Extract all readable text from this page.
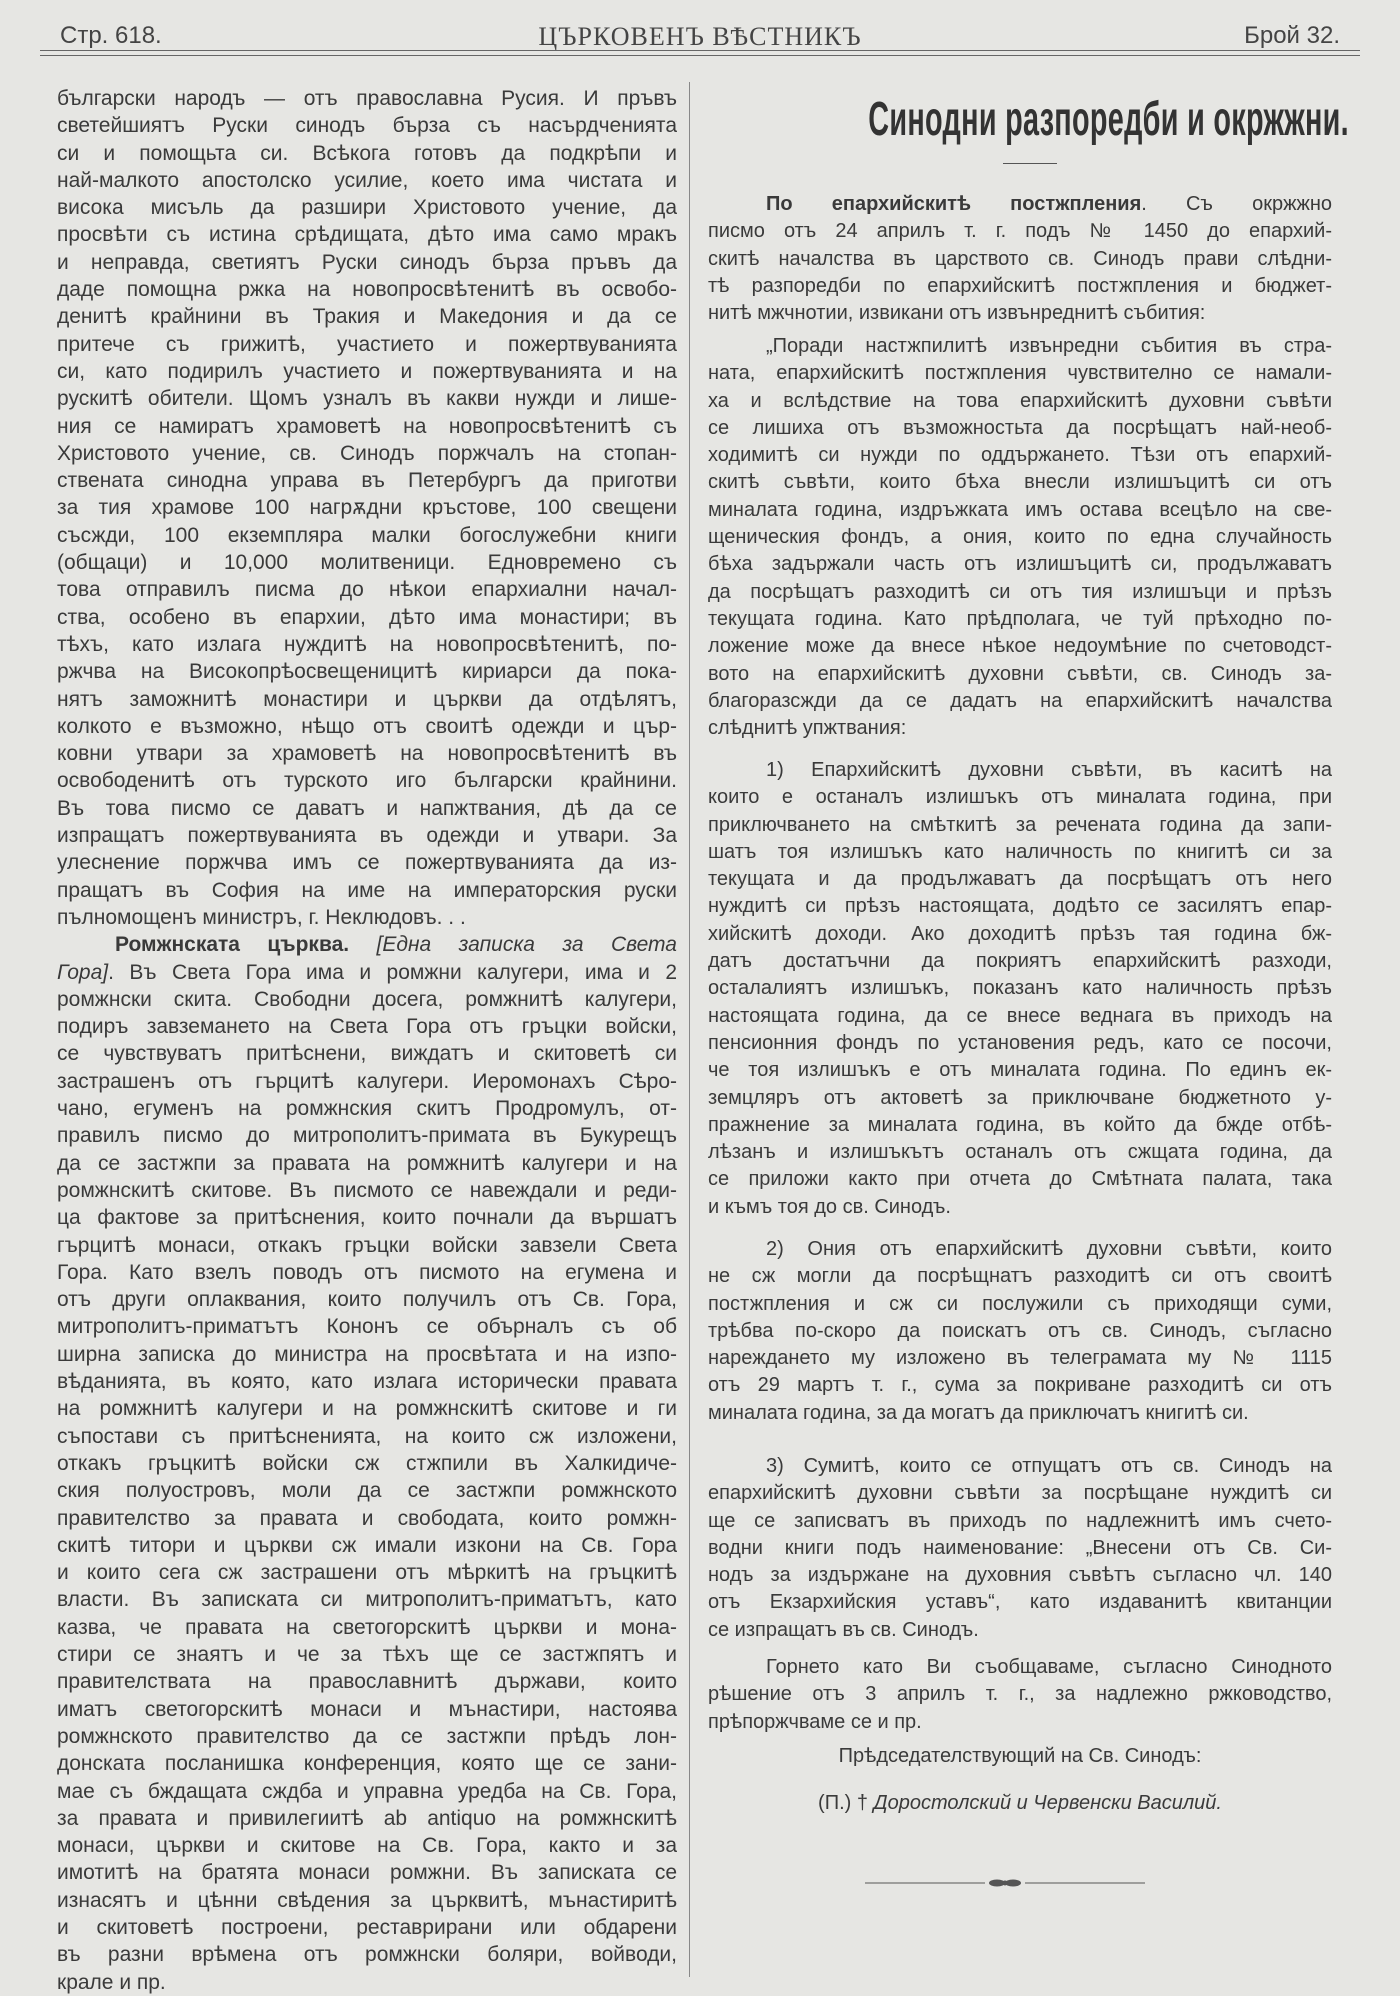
ЦЪРКОВЕНЪ ВѢСТНИКЪ
Стр. 618.	Брой 32.
български народъ — отъ православна Русия. И пръвъ
светейшиятъ Руски синодъ бърза съ насърдченията
си и помощьта си. Всѣкога готовъ да подкрѣпи и
най-малкото апостолско усилие, което има чистата и
висока мисъль да разшири Христовото учение, да
просвѣти съ истина срѣдищата, дѣто има само мракъ
и неправда, светиятъ Руски синодъ бърза пръвъ да
даде помощна ржка на новопросвѣтенитѣ въ освобо-
денитѣ крайнини въ Тракия и Македония и да се
притече съ грижитѣ, участието и пожертвуванията
си, като подирилъ участието и пожертвуванията и на
рускитѣ обители. Щомъ узналъ въ какви нужди и лише-
ния се намиратъ храмоветѣ на новопросвѣтенитѣ съ
Христовото учение, св. Синодъ поржчалъ на стопан-
ствената синодна управа въ Петербургъ да приготви
за тия храмове 100 нагрѫдни кръстове, 100 свещени
съсжди, 100 екземпляра малки богослужебни книги
(общаци) и 10,000 молитвеници. Едновремено съ
това отправилъ писма до нѣкои епархиални начал-
ства, особено въ епархии, дѣто има монастири; въ
тѣхъ, като излага нуждитѣ на новопросвѣтенитѣ, по-
ржчва на Високопрѣосвещеницитѣ кириарси да пока-
нятъ заможнитѣ монастири и църкви да отдѣлятъ,
колкото е възможно, нѣщо отъ своитѣ одежди и цър-
ковни утвари за храмоветѣ на новопросвѣтенитѣ въ
освободенитѣ отъ турското иго български крайнини.
Въ това писмо се даватъ и напжтвания, дѣ да се
изпращатъ пожертвуванията въ одежди и утвари. За
улеснение поржчва имъ се пожертвуванията да из-
пращатъ въ София на име на императорския руски
пълномощенъ министръ, г. Неклюдовъ. . .
Ромжнската църква. [Една записка за Света
Гора]. Въ Света Гора има и ромжни калугери, има и 2
ромжнски скита. Свободни досега, ромжнитѣ калугери,
подиръ завземането на Света Гора отъ гръцки войски,
се чувствуватъ притѣснени, виждатъ и скитоветѣ си
застрашенъ отъ гърцитѣ калугери. Иеромонахъ Сѣро-
чано, егуменъ на ромжнския скитъ Продромулъ, от-
правилъ писмо до митрополитъ-примата въ Букурещъ
да се застжпи за правата на ромжнитѣ калугери и на
ромжнскитѣ скитове. Въ писмото се навеждали и реди-
ца фактове за притѣснения, които почнали да вършатъ
гърцитѣ монаси, откакъ гръцки войски завзели Света
Гора. Като взелъ поводъ отъ писмото на егумена и
отъ други оплаквания, които получилъ отъ Св. Гора,
митрополитъ-приматътъ Кононъ се обърналъ съ об
ширна записка до министра на просвѣтата и на изпо-
вѣданията, въ която, като излага исторически правата
на ромжнитѣ калугери и на ромжнскитѣ скитове и ги
съпостави съ притѣсненията, на които сж изложени,
откакъ гръцкитѣ войски сж стжпили въ Халкидиче-
ския полуостровъ, моли да се застжпи ромжнското
правителство за правата и свободата, които ромжн-
скитѣ титори и църкви сж имали изкони на Св. Гора
и които сега сж застрашени отъ мѣркитѣ на гръцкитѣ
власти. Въ записката си митрополитъ-приматътъ, като
казва, че правата на светогорскитѣ църкви и мона-
стири се знаятъ и че за тѣхъ ще се застжпятъ и
правителствата на православнитѣ държави, които
иматъ светогорскитѣ монаси и мънастири, настоява
ромжнското правителство да се застжпи прѣдъ лон-
донската посланишка конференция, която ще се зани-
мае съ бждащата сждба и управна уредба на Св. Гора,
за правата и привилегиитѣ ab antiquo на ромжнскитѣ
монаси, църкви и скитове на Св. Гора, както и за
имотитѣ на братята монаси ромжни. Въ записката се
изнасятъ и цѣнни свѣдения за църквитѣ, мънастиритѣ
и скитоветѣ построени, реставрирани или обдарени
въ разни врѣмена отъ ромжнски боляри, войводи,
крале и пр.
Синодни разпоредби и окржжни.
По епархийскитѣ постжпления. Съ окржжно
писмо отъ 24 априлъ т. г. подъ № 1450 до епархий-
скитѣ началства въ царството св. Синодъ прави слѣдни-
тѣ разпоредби по епархийскитѣ постжпления и бюджет-
нитѣ мжчнотии, извикани отъ извънреднитѣ събития:
„Поради настжпилитѣ извънредни събития въ стра-
ната, епархийскитѣ постжпления чувствително се намали-
ха и вслѣдствие на това епархийскитѣ духовни съвѣти
се лишиха отъ възможностьта да посрѣщатъ най-необ-
ходимитѣ си нужди по оддържането. Тѣзи отъ епархий-
скитѣ съвѣти, които бѣха внесли излишъцитѣ си отъ
миналата година, издръжката имъ остава всецѣло на све-
щеническия фондъ, а ония, които по една случайность
бѣха задържали часть отъ излишъцитѣ си, продължаватъ
да посрѣщатъ разходитѣ си отъ тия излишъци и прѣзъ
текущата година. Като прѣдполага, че туй прѣходно по-
ложение може да внесе нѣкое недоумѣние по счетоводст-
вото на епархийскитѣ духовни съвѣти, св. Синодъ за-
благоразсжди да се дадатъ на епархийскитѣ началства
слѣднитѣ упжтвания:
1) Епархийскитѣ духовни съвѣти, въ каситѣ на
които е останалъ излишъкъ отъ миналата година, при
приключването на смѣткитѣ за речената година да запи-
шатъ тоя излишъкъ като наличность по книгитѣ си за
текущата и да продължаватъ да посрѣщатъ отъ него
нуждитѣ си прѣзъ настоящата, додѣто се засилятъ епар-
хийскитѣ доходи. Ако доходитѣ прѣзъ тая година бж-
датъ достатъчни да покриятъ епархийскитѣ разходи,
осталалиятъ излишъкъ, показанъ като наличность прѣзъ
настоящата година, да се внесе веднага въ приходъ на
пенсионния фондъ по установения редъ, като се посочи,
че тоя излишъкъ е отъ миналата година. По единъ ек-
земцляръ отъ актоветѣ за приключване бюджетното у-
пражнение за миналата година, въ който да бжде отбѣ-
лѣзанъ и излишъкътъ останалъ отъ сжщата година, да
се приложи както при отчета до Смѣтната палата, така
и къмъ тоя до св. Синодъ.
2) Ония отъ епархийскитѣ духовни съвѣти, които
не сж могли да посрѣщнатъ разходитѣ си отъ своитѣ
постжпления и сж си послужили съ приходящи суми,
трѣбва по-скоро да поискатъ отъ св. Синодъ, съгласно
нареждането му изложено въ телеграмата му № 1115
отъ 29 мартъ т. г., сума за покриване разходитѣ си отъ
миналата година, за да могатъ да приключатъ книгитѣ си.
3) Сумитѣ, които се отпущатъ отъ св. Синодъ на
епархийскитѣ духовни съвѣти за посрѣщане нуждитѣ си
ще се записватъ въ приходъ по надлежнитѣ имъ счето-
водни книги подъ наименование: „Внесени отъ Св. Си-
нодъ за издържане на духовния съвѣтъ съгласно чл. 140
отъ Екзархийския уставъ“, като издаванитѣ квитанции
се изпращатъ въ св. Синодъ.
Горнето като Ви съобщаваме, съгласно Синодното
рѣшение отъ 3 априлъ т. г., за надлежно ржководство,
прѣпоржчваме се и пр.
Прѣдседателствующий на Св. Синодъ:
(П.) † Доростолский и Червенски Василий.
